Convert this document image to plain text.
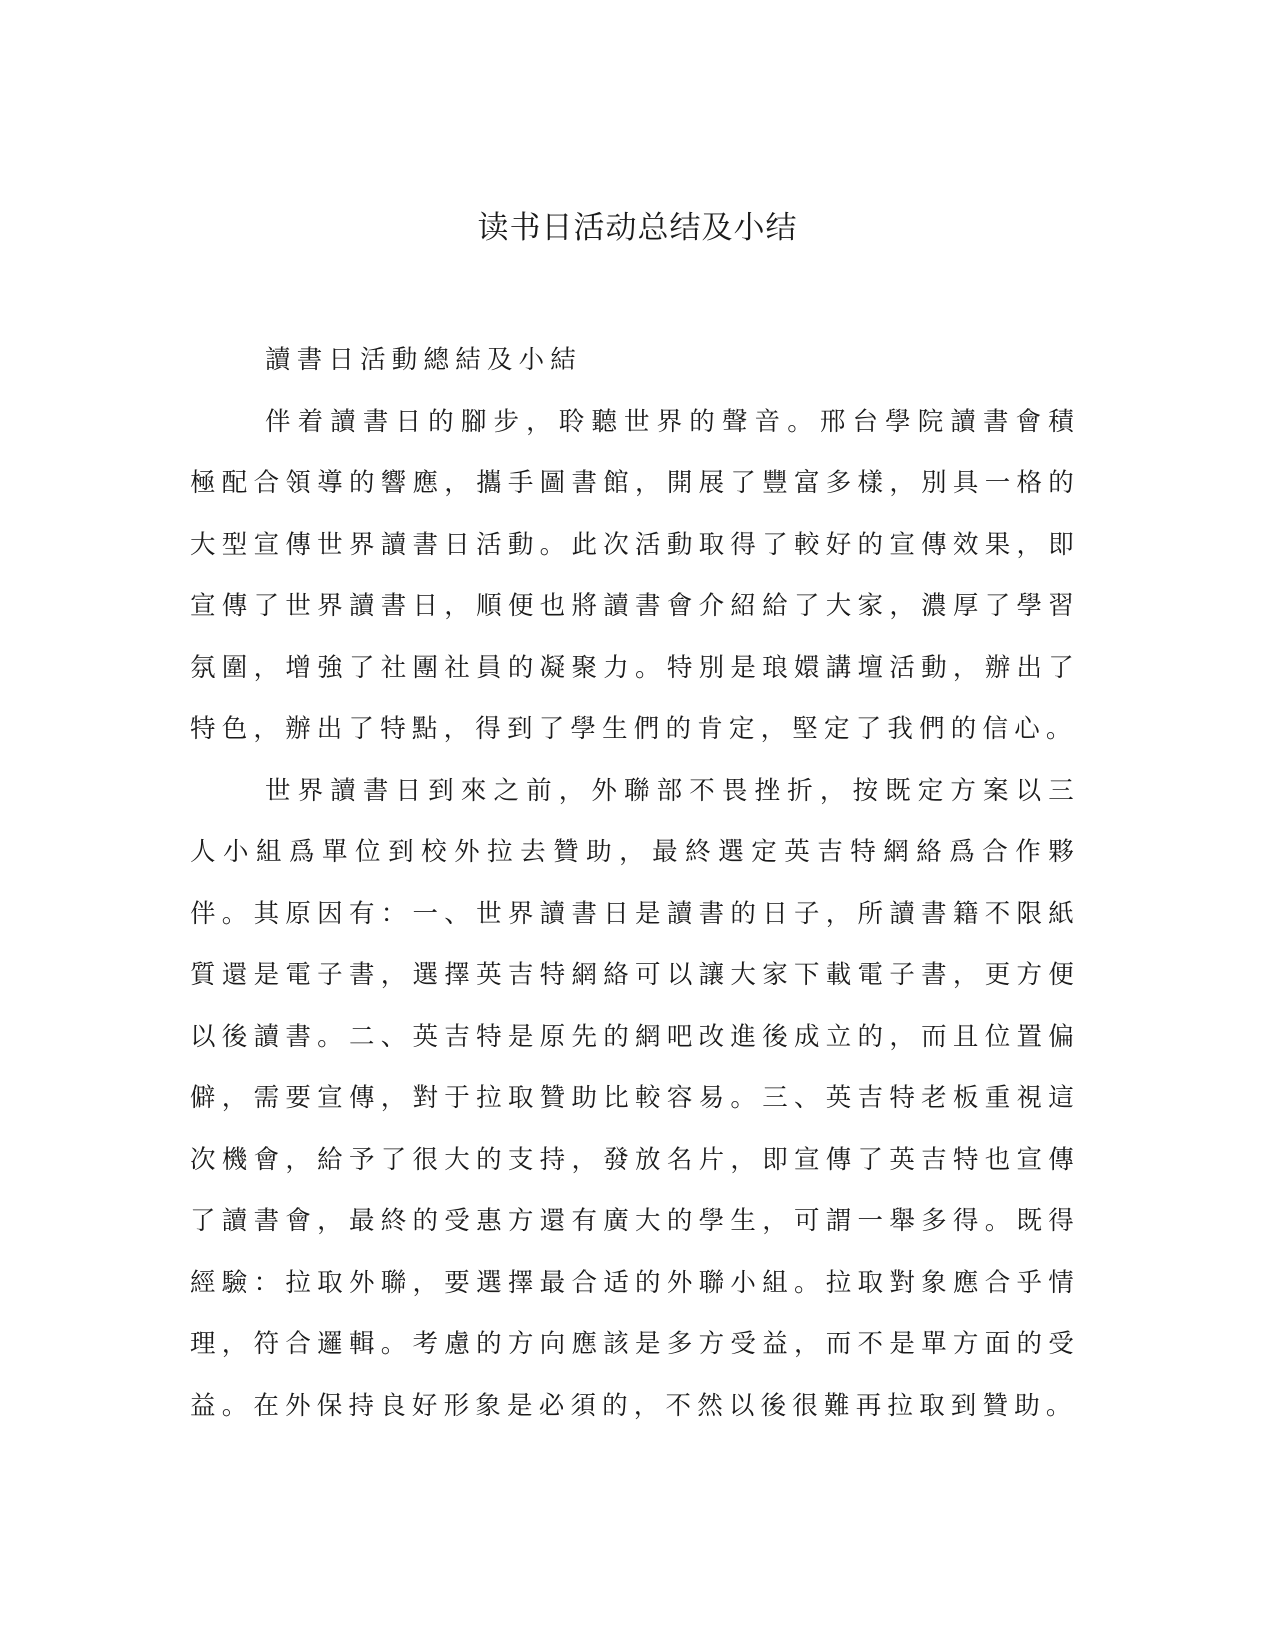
读书日活动总结及小结

讀書日活動總結及小結

伴着讀書日的腳步，聆聽世界的聲音。邢台學院讀書會積極配合領導的響應，攜手圖書館，開展了豐富多樣，別具一格的大型宣傳世界讀書日活動。此次活動取得了較好的宣傳效果，即宣傳了世界讀書日，順便也將讀書會介紹給了大家，濃厚了學習氛圍，增強了社團社員的凝聚力。特別是琅嬛講壇活動，辦出了特色，辦出了特點，得到了學生們的肯定，堅定了我們的信心。

世界讀書日到來之前，外聯部不畏挫折，按既定方案以三人小組爲單位到校外拉去贊助，最終選定英吉特網絡爲合作夥伴。其原因有：一、世界讀書日是讀書的日子，所讀書籍不限紙質還是電子書，選擇英吉特網絡可以讓大家下載電子書，更方便以後讀書。二、英吉特是原先的網吧改進後成立的，而且位置偏僻，需要宣傳，對于拉取贊助比較容易。三、英吉特老板重視這次機會，給予了很大的支持，發放名片，即宣傳了英吉特也宣傳了讀書會，最終的受惠方還有廣大的學生，可謂一舉多得。既得經驗：拉取外聯，要選擇最合适的外聯小組。拉取對象應合乎情理，符合邏輯。考慮的方向應該是多方受益，而不是單方面的受益。在外保持良好形象是必須的，不然以後很難再拉取到贊助。
